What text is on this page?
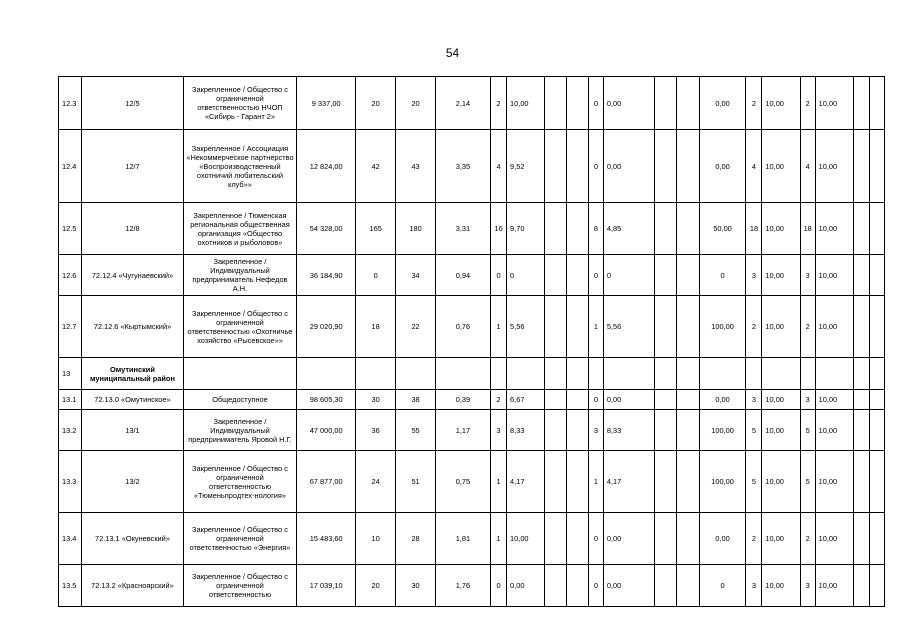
54
12.3	12/5	Закрепленное / Общество с ограниченной ответственностью НЧОП «Сибирь - Гарант 2»	9 337,00	20	20	2,14	2	10,00			0	0,00			0,00	2	10,00	2	10,00		
12.4	12/7	Закрепленное / Ассоциация «Некоммерческое партнерство «Воспроизводственный охотничий любительский клуб»»	12 824,00	42	43	3,35	4	9,52			0	0,00			0,00	4	10,00	4	10,00		
12.5	12/8	Закрепленное / Тюменская региональная общественная организация «Общество охотников и рыболовов»	54 328,00	165	180	3,31	16	9,70			8	4,85			50,00	18	10,00	18	10,00		
12.6	72.12.4 «Чугунаевский»	Закрепленное / Индивидуальный предприниматель Нефедов А.Н.	36 184,90	0	34	0,94	0	0			0	0			0	3	10,00	3	10,00		
12.7	72.12.6 «Кыртымский»	Закрепленное / Общество с ограниченной ответственностью «Охотничье хозяйство «Рысевское»»	29 020,90	18	22	0,76	1	5,56			1	5,56			100,00	2	10,00	2	10,00		
13	Омутинский муниципальный район																				
13.1	72.13.0 «Омутинское»	Общедоступное	98 605,30	30	38	0,39	2	6,67			0	0,00			0,00	3	10,00	3	10,00		
13.2	13/1	Закрепленное / Индивидуальный предприниматель Яровой Н.Г.	47 000,00	36	55	1,17	3	8,33			3	8,33			100,00	5	10,00	5	10,00		
13.3	13/2	Закрепленное / Общество с ограниченной ответственностью «Тюменьпродтех-нология»	67 877,00	24	51	0,75	1	4,17			1	4,17			100,00	5	10,00	5	10,00		
13.4	72.13.1 «Окуневский»	Закрепленное / Общество с ограниченной ответственностью «Энергия»	15 483,60	10	28	1,81	1	10,00			0	0,00			0,00	2	10,00	2	10,00		
13.5	72.13.2 «Красноярский»	Закрепленное / Общество с ограниченной ответственностью	17 039,10	20	30	1,76	0	0,00			0	0,00			0	3	10,00	3	10,00		
